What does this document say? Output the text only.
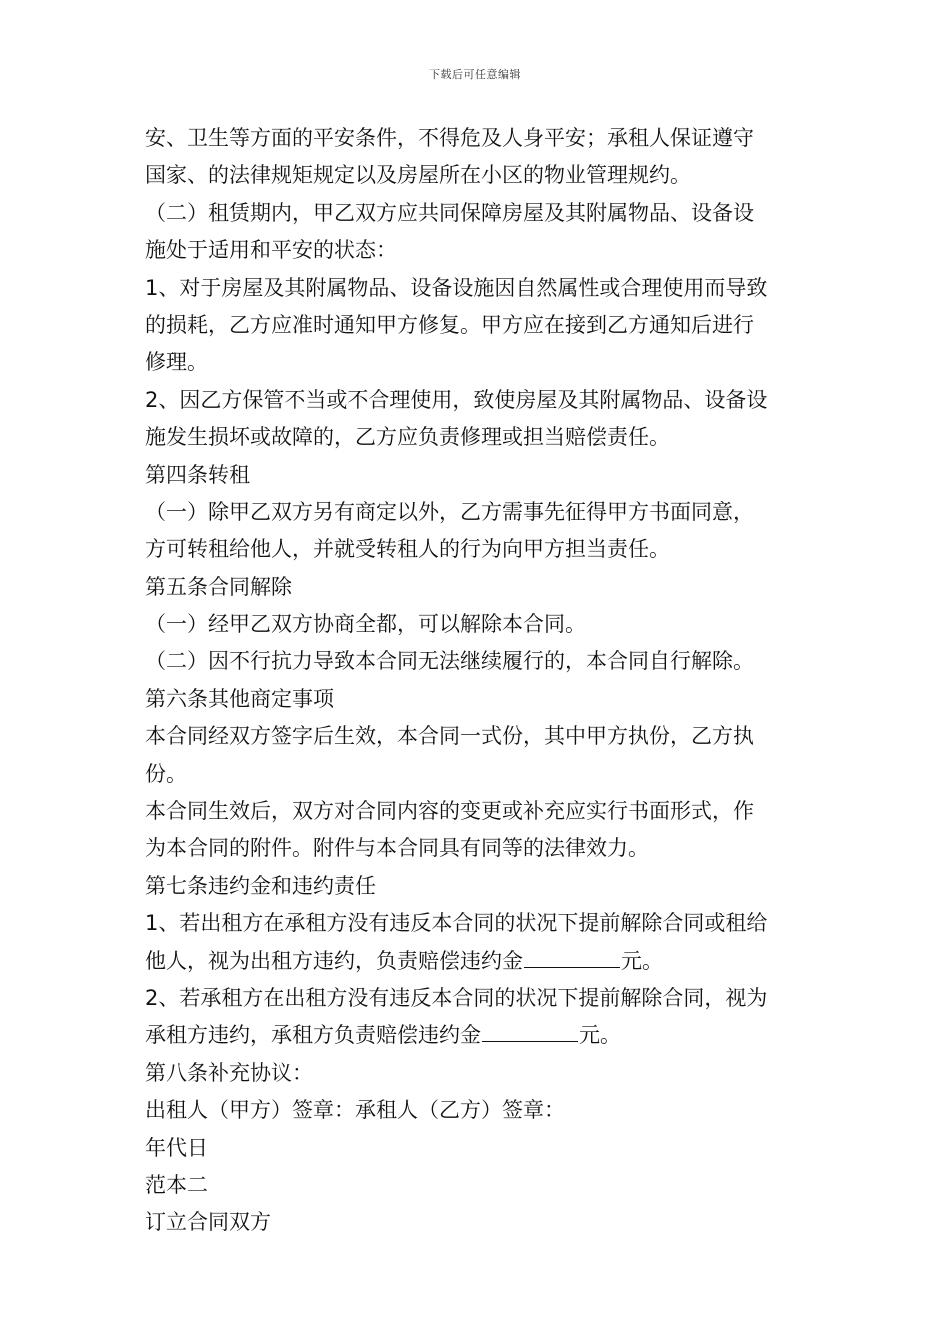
下载后可任意编辑
安、卫生等方面的平安条件，不得危及人身平安；承租人保证遵守
国家、的法律规矩规定以及房屋所在小区的物业管理规约。
（二）租赁期内，甲乙双方应共同保障房屋及其附属物品、设备设
施处于适用和平安的状态：
1、对于房屋及其附属物品、设备设施因自然属性或合理使用而导致
的损耗，乙方应准时通知甲方修复。甲方应在接到乙方通知后进行
修理。
2、因乙方保管不当或不合理使用，致使房屋及其附属物品、设备设
施发生损坏或故障的，乙方应负责修理或担当赔偿责任。
第四条转租
（一）除甲乙双方另有商定以外，乙方需事先征得甲方书面同意，
方可转租给他人，并就受转租人的行为向甲方担当责任。
第五条合同解除
（一）经甲乙双方协商全都，可以解除本合同。
（二）因不行抗力导致本合同无法继续履行的，本合同自行解除。
第六条其他商定事项
本合同经双方签字后生效，本合同一式份，其中甲方执份，乙方执
份。
本合同生效后，双方对合同内容的变更或补充应实行书面形式，作
为本合同的附件。附件与本合同具有同等的法律效力。
第七条违约金和违约责任
1、若出租方在承租方没有违反本合同的状况下提前解除合同或租给
他人，视为出租方违约，负责赔偿违约金	元。
2、若承租方在出租方没有违反本合同的状况下提前解除合同，视为
承租方违约，承租方负责赔偿违约金	元。
第八条补充协议：
出租人（甲方）签章：承租人（乙方）签章：
年代日
范本二
订立合同双方
